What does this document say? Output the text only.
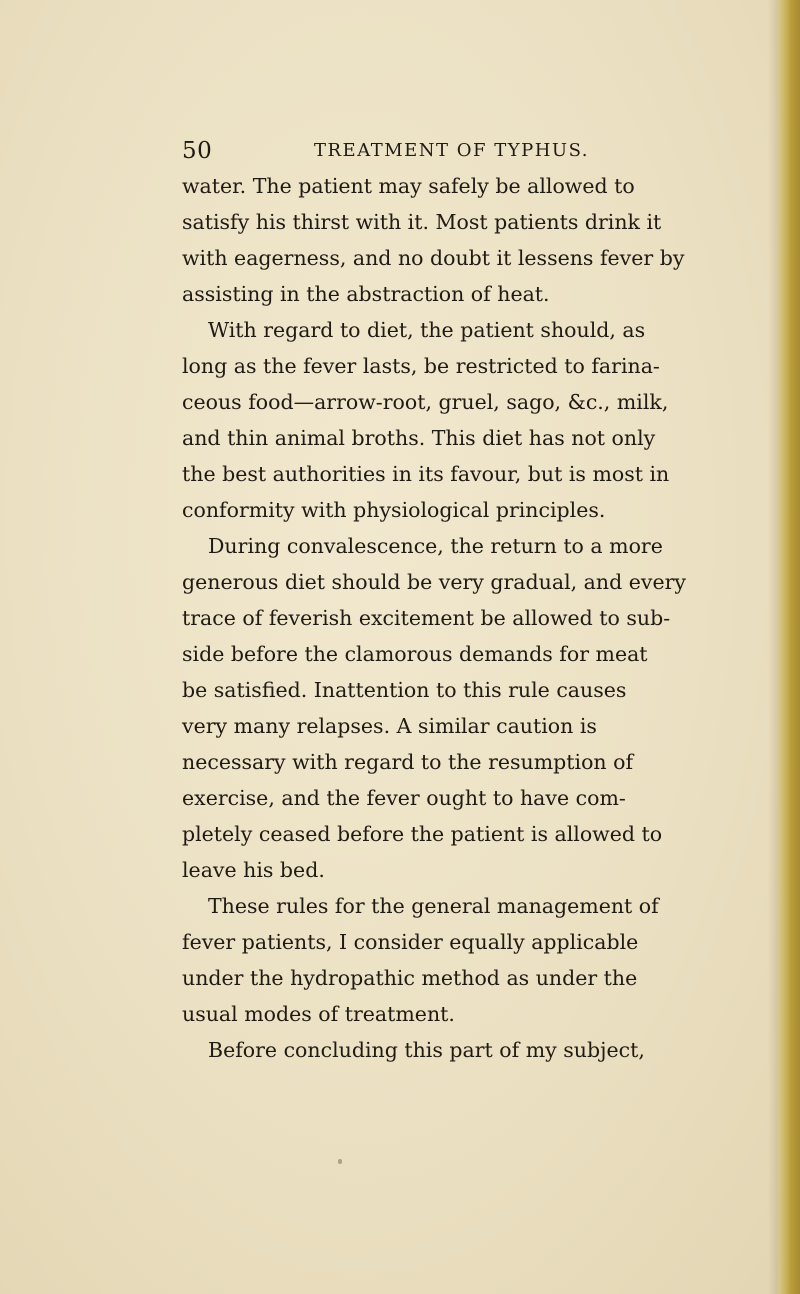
50	TREATMENT OF TYPHUS.
water. The patient may safely be allowed to
satisfy his thirst with it. Most patients drink it
with eagerness, and no doubt it lessens fever by
assisting in the abstraction of heat.
With regard to diet, the patient should, as
long as the fever lasts, be restricted to farina-
ceous food—arrow-root, gruel, sago, &c., milk,
and thin animal broths. This diet has not only
the best authorities in its favour, but is most in
conformity with physiological principles.
During convalescence, the return to a more
generous diet should be very gradual, and every
trace of feverish excitement be allowed to sub-
side before the clamorous demands for meat
be satisfied. Inattention to this rule causes
very many relapses. A similar caution is
necessary with regard to the resumption of
exercise, and the fever ought to have com-
pletely ceased before the patient is allowed to
leave his bed.
These rules for the general management of
fever patients, I consider equally applicable
under the hydropathic method as under the
usual modes of treatment.
Before concluding this part of my subject,
